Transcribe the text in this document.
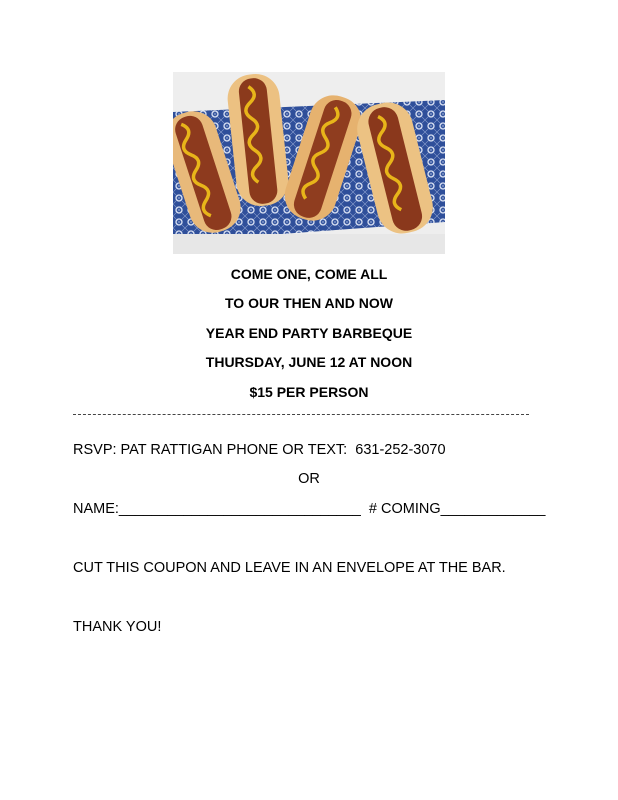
COME ONE, COME ALL
TO OUR THEN AND NOW
YEAR END PARTY BARBEQUE
THURSDAY, JUNE 12 AT NOON
$15 PER PERSON
RSVP: PAT RATTIGAN PHONE OR TEXT:  631-252-3070
OR
NAME:______________________________  # COMING_____________
CUT THIS COUPON AND LEAVE IN AN ENVELOPE AT THE BAR.
THANK YOU!
